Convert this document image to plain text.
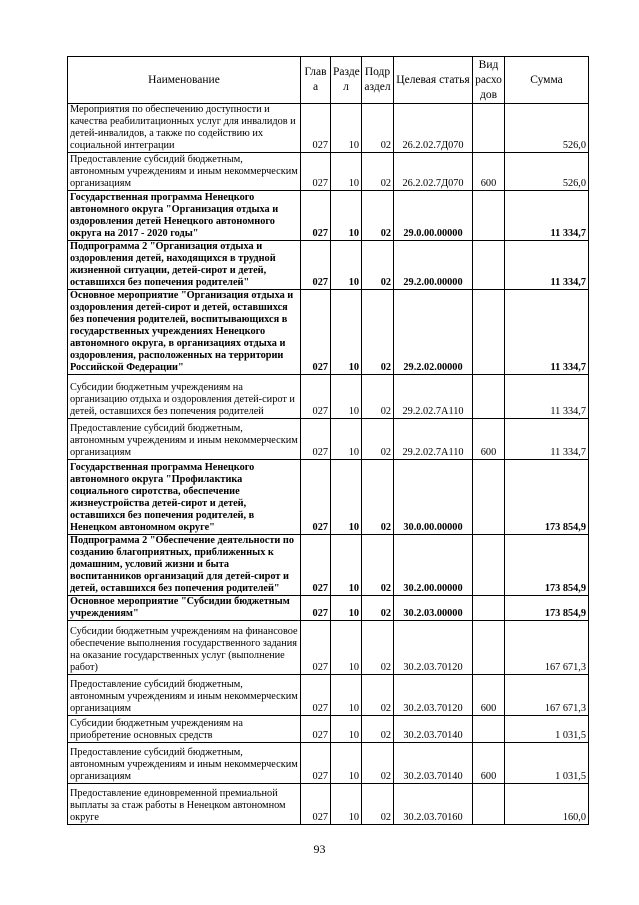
Наименование	Глав а	Разде л	Подр аздел	Целевая статья	Вид расхо дов	Сумма
Мероприятия по обеспечению доступности и качества реабилитационных услуг для инвалидов и детей-инвалидов, а также по содействию их социальной интеграции	027	10	02	26.2.02.7Д070		526,0
Предоставление субсидий бюджетным, автономным учреждениям и иным некоммерческим организациям	027	10	02	26.2.02.7Д070	600	526,0
Государственная программа Ненецкого автономного округа "Организация отдыха и оздоровления детей Ненецкого автономного округа на 2017 - 2020 годы"	027	10	02	29.0.00.00000		11 334,7
Подпрограмма 2 "Организация отдыха и оздоровления детей, находящихся в трудной жизненной ситуации, детей-сирот и детей, оставшихся без попечения родителей"	027	10	02	29.2.00.00000		11 334,7
Основное мероприятие "Организация отдыха и оздоровления детей-сирот и детей, оставшихся без попечения родителей, воспитывающихся в государственных учреждениях Ненецкого автономного округа, в организациях отдыха и оздоровления, расположенных на территории Российской Федерации"	027	10	02	29.2.02.00000		11 334,7
Субсидии бюджетным учреждениям на организацию отдыха и оздоровления детей-сирот и детей, оставшихся без попечения родителей	027	10	02	29.2.02.7А110		11 334,7
Предоставление субсидий бюджетным, автономным учреждениям и иным некоммерческим организациям	027	10	02	29.2.02.7А110	600	11 334,7
Государственная программа Ненецкого автономного округа "Профилактика социального сиротства, обеспечение жизнеустройства детей-сирот и детей, оставшихся без попечения родителей, в Ненецком автономном округе"	027	10	02	30.0.00.00000		173 854,9
Подпрограмма 2 "Обеспечение деятельности по созданию благоприятных, приближенных к домашним, условий жизни и быта воспитанников организаций для детей-сирот и детей, оставшихся без попечения родителей"	027	10	02	30.2.00.00000		173 854,9
Основное мероприятие "Субсидии бюджетным учреждениям"	027	10	02	30.2.03.00000		173 854,9
Субсидии бюджетным учреждениям на финансовое обеспечение выполнения государственного задания на оказание государственных услуг (выполнение работ)	027	10	02	30.2.03.70120		167 671,3
Предоставление субсидий бюджетным, автономным учреждениям и иным некоммерческим организациям	027	10	02	30.2.03.70120	600	167 671,3
Субсидии бюджетным учреждениям на приобретение основных средств	027	10	02	30.2.03.70140		1 031,5
Предоставление субсидий бюджетным, автономным учреждениям и иным некоммерческим организациям	027	10	02	30.2.03.70140	600	1 031,5
Предоставление единовременной премиальной выплаты за стаж работы в Ненецком автономном округе	027	10	02	30.2.03.70160		160,0
93
